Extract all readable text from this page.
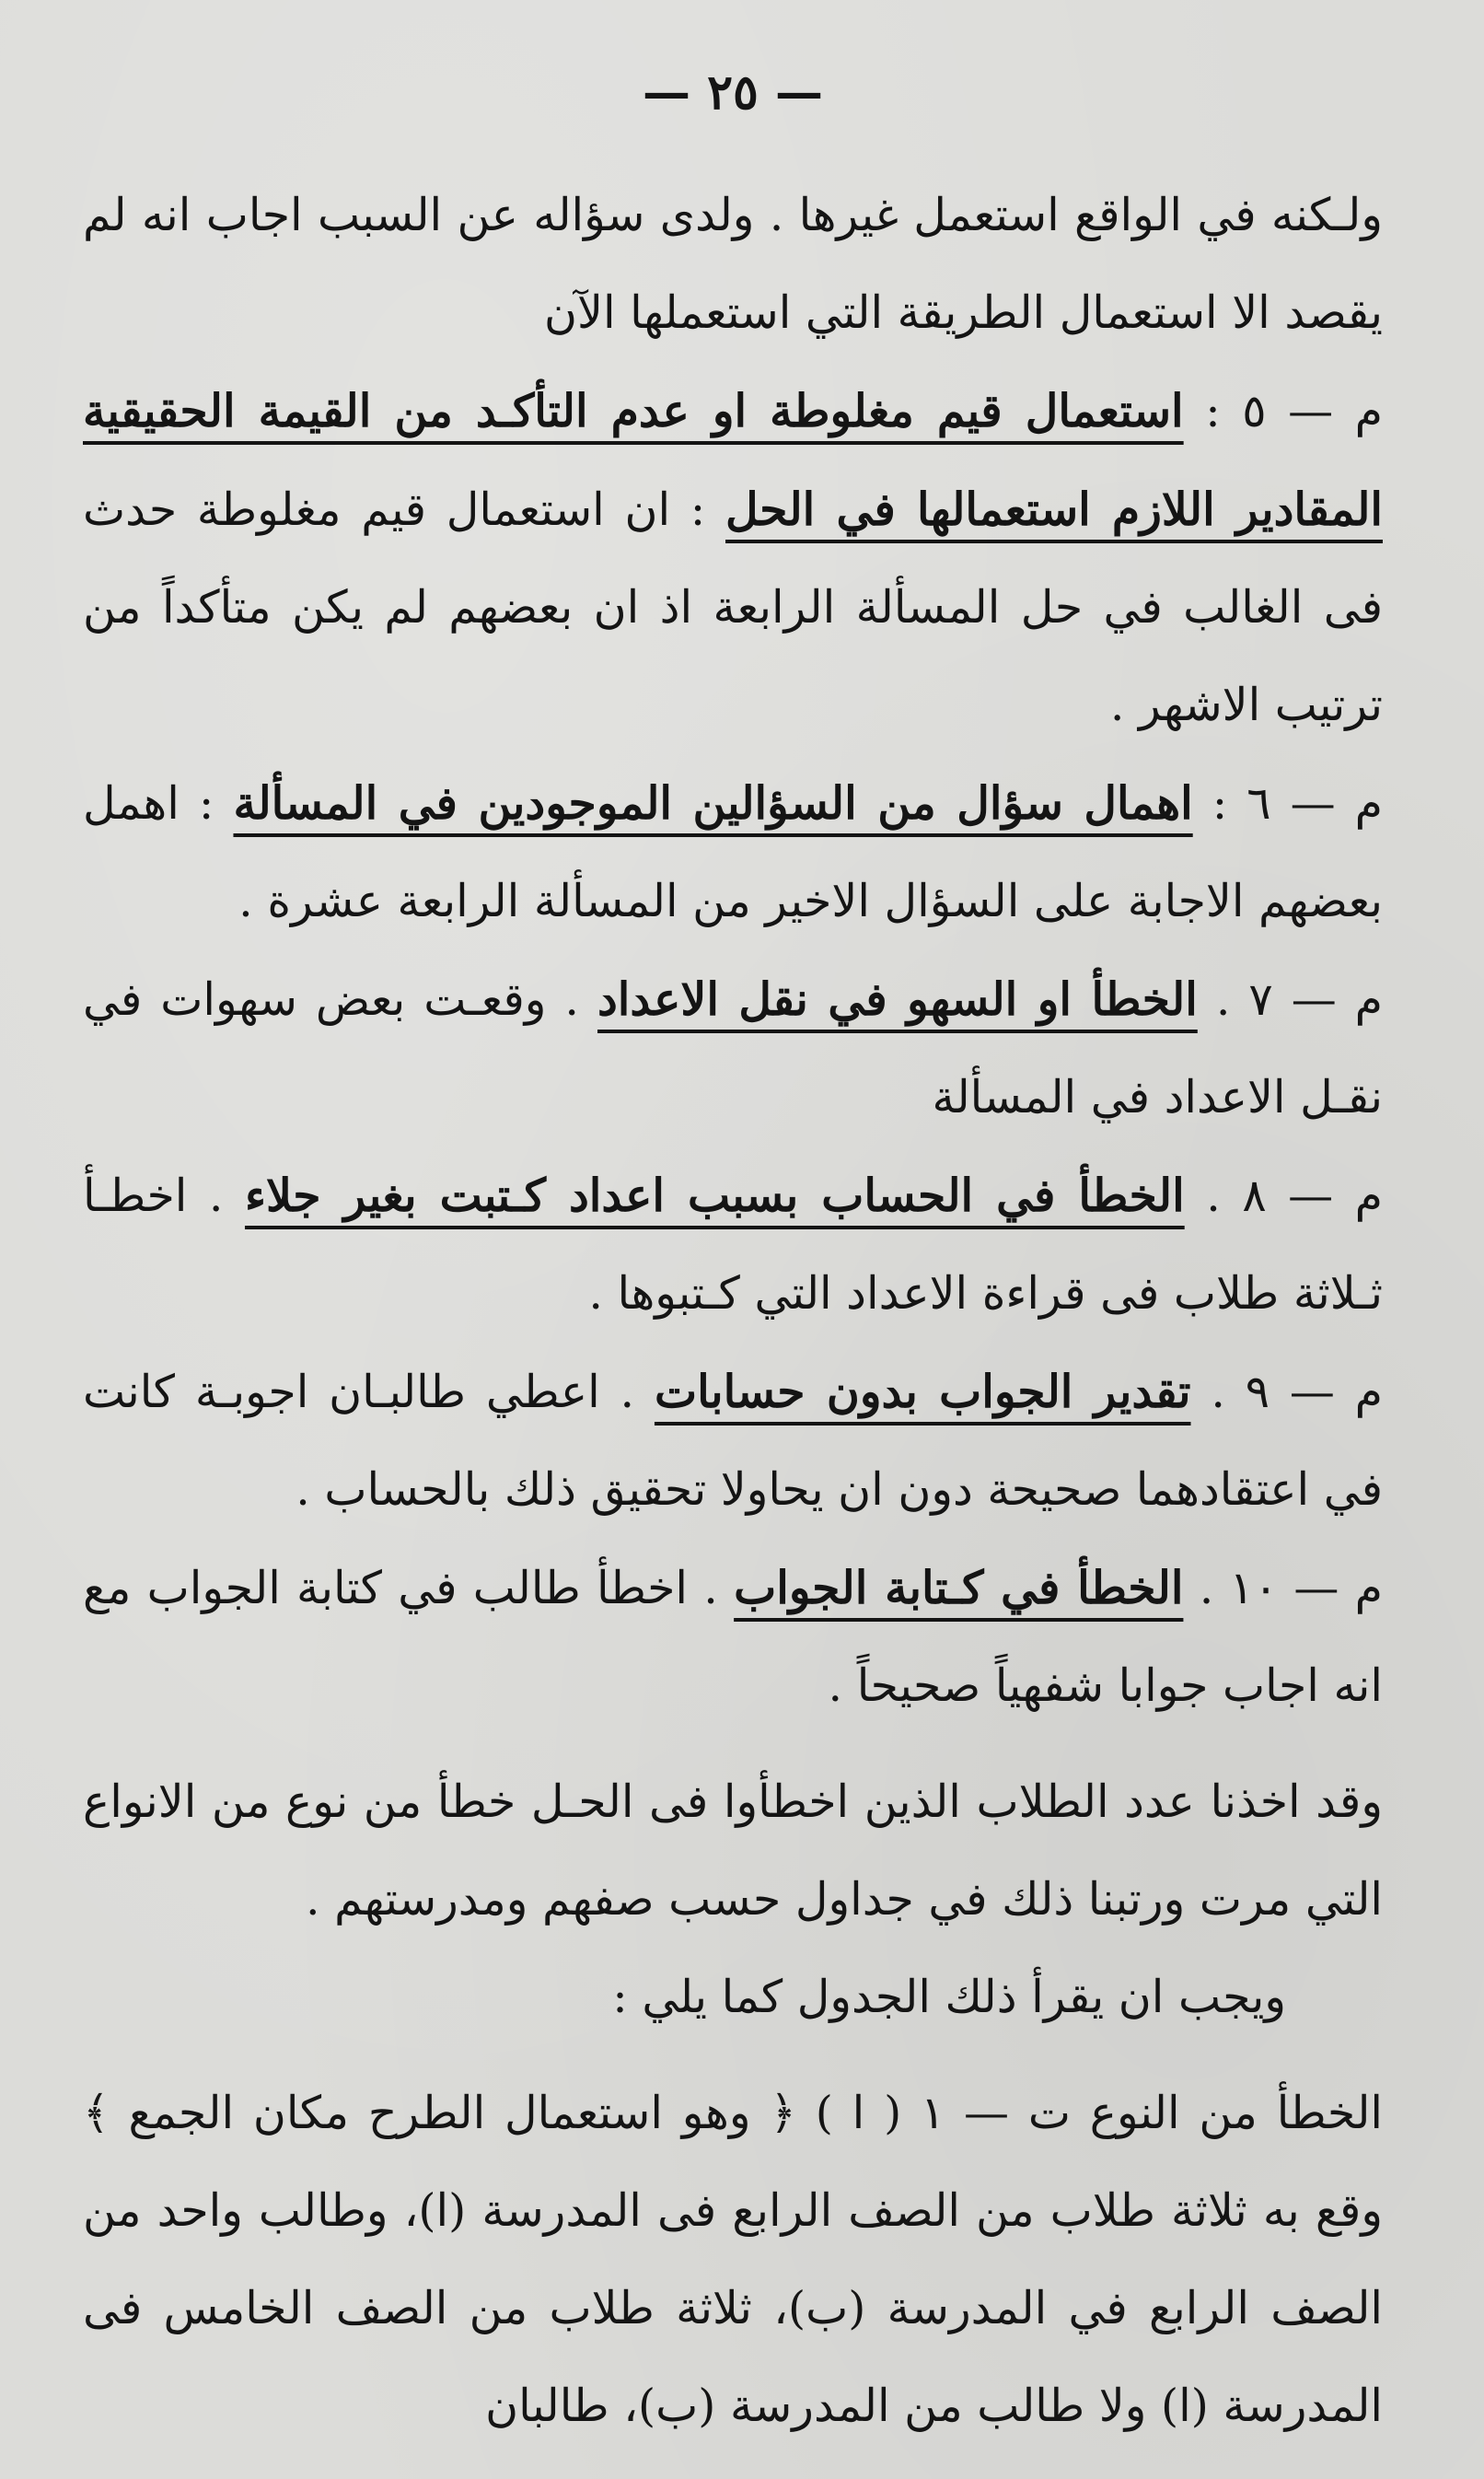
— ٢٥ —

ولـكنه في الواقع استعمل غيرها . ولدى سؤاله عن السبب اجاب انه لم يقصد الا استعمال الطريقة التي استعملها الآن

م — ٥ : استعمال قيم مغلوطة او عدم التأكـد من القيمة الحقيقية المقادير اللازم استعمالها في الحل : ان استعمال قيم مغلوطة حدث فى الغالب في حل المسألة الرابعة اذ ان بعضهم لم يكن متأكداً من ترتيب الاشهر .

م — ٦ : اهمال سؤال من السؤالين الموجودين في المسألة : اهمل بعضهم الاجابة على السؤال الاخير من المسألة الرابعة عشرة .

م — ٧ . الخطأ او السهو في نقل الاعداد . وقعـت بعض سهوات في نقـل الاعداد في المسألة

م — ٨ . الخطأ في الحساب بسبب اعداد كـتبت بغير جلاء . اخطـأ ثـلاثة طلاب فى قراءة الاعداد التي كـتبوها .

م — ٩ . تقدير الجواب بدون حسابات . اعطي طالبـان اجوبـة كانت في اعتقادهما صحيحة دون ان يحاولا تحقيق ذلك بالحساب .

م — ١٠ . الخطأ في كـتابة الجواب . اخطأ طالب في كتابة الجواب مع انه اجاب جوابا شفهياً صحيحاً .

وقد اخذنا عدد الطلاب الذين اخطأوا فى الحـل خطأ من نوع من الانواع التي مرت ورتبنا ذلك في جداول حسب صفهم ومدرستهم .

ويجب ان يقرأ ذلك الجدول كما يلي :

الخطأ من النوع ت — ١ ( ا ) ﴿ وهو استعمال الطرح مكان الجمع ﴾ وقع به ثلاثة طلاب من الصف الرابع فى المدرسة (ا)، وطالب واحد من الصف الرابع في المدرسة (ب)، ثلاثة طلاب من الصف الخامس فى المدرسة (ا) ولا طالب من المدرسة (ب)، طالبان
